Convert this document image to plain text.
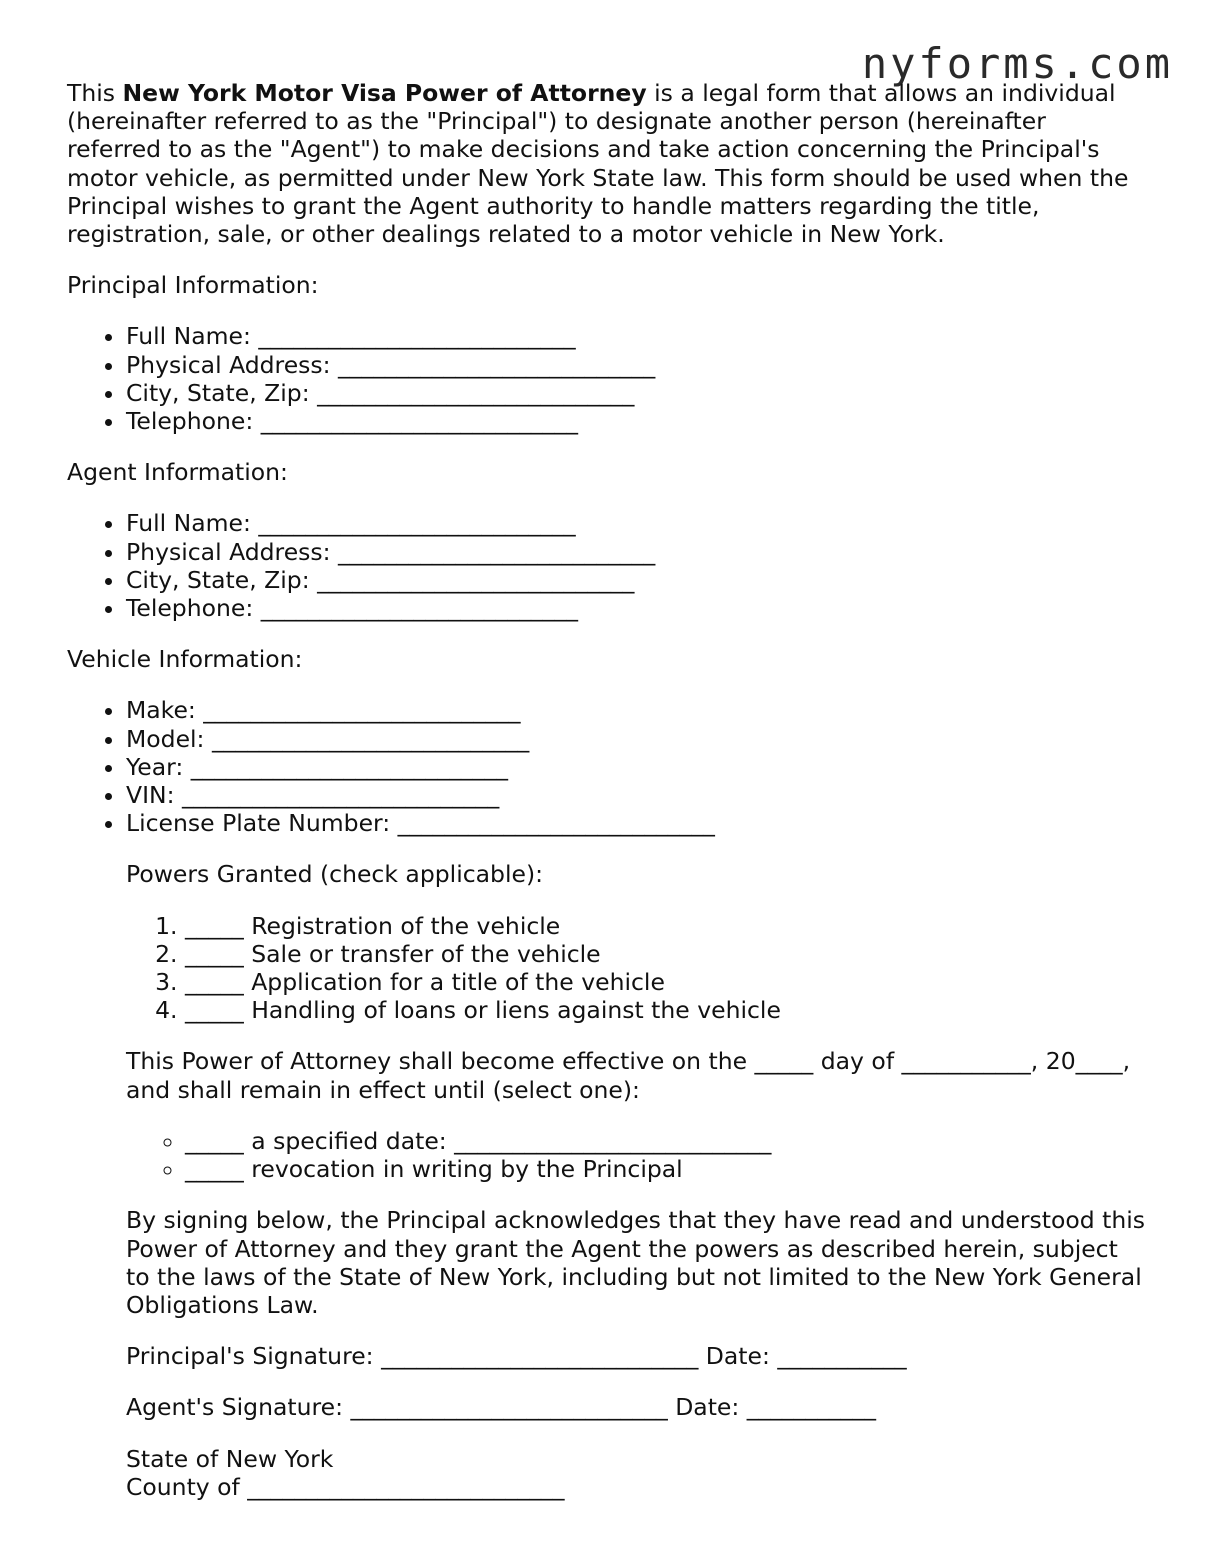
nyforms.com

This New York Motor Visa Power of Attorney is a legal form that allows an individual (hereinafter referred to as the "Principal") to designate another person (hereinafter referred to as the "Agent") to make decisions and take action concerning the Principal's motor vehicle, as permitted under New York State law. This form should be used when the Principal wishes to grant the Agent authority to handle matters regarding the title, registration, sale, or other dealings related to a motor vehicle in New York.

Principal Information:

• Full Name: ___________________________
• Physical Address: ___________________________
• City, State, Zip: ___________________________
• Telephone: ___________________________

Agent Information:

• Full Name: ___________________________
• Physical Address: ___________________________
• City, State, Zip: ___________________________
• Telephone: ___________________________

Vehicle Information:

• Make: ___________________________
• Model: ___________________________
• Year: ___________________________
• VIN: ___________________________
• License Plate Number: ___________________________

Powers Granted (check applicable):

1. _____ Registration of the vehicle
2. _____ Sale or transfer of the vehicle
3. _____ Application for a title of the vehicle
4. _____ Handling of loans or liens against the vehicle

This Power of Attorney shall become effective on the _____ day of ___________, 20____, and shall remain in effect until (select one):

◦ _____ a specified date: ___________________________
◦ _____ revocation in writing by the Principal

By signing below, the Principal acknowledges that they have read and understood this Power of Attorney and they grant the Agent the powers as described herein, subject to the laws of the State of New York, including but not limited to the New York General Obligations Law.

Principal's Signature: ___________________________ Date: ___________

Agent's Signature: ___________________________ Date: ___________

State of New York

County of ___________________________
